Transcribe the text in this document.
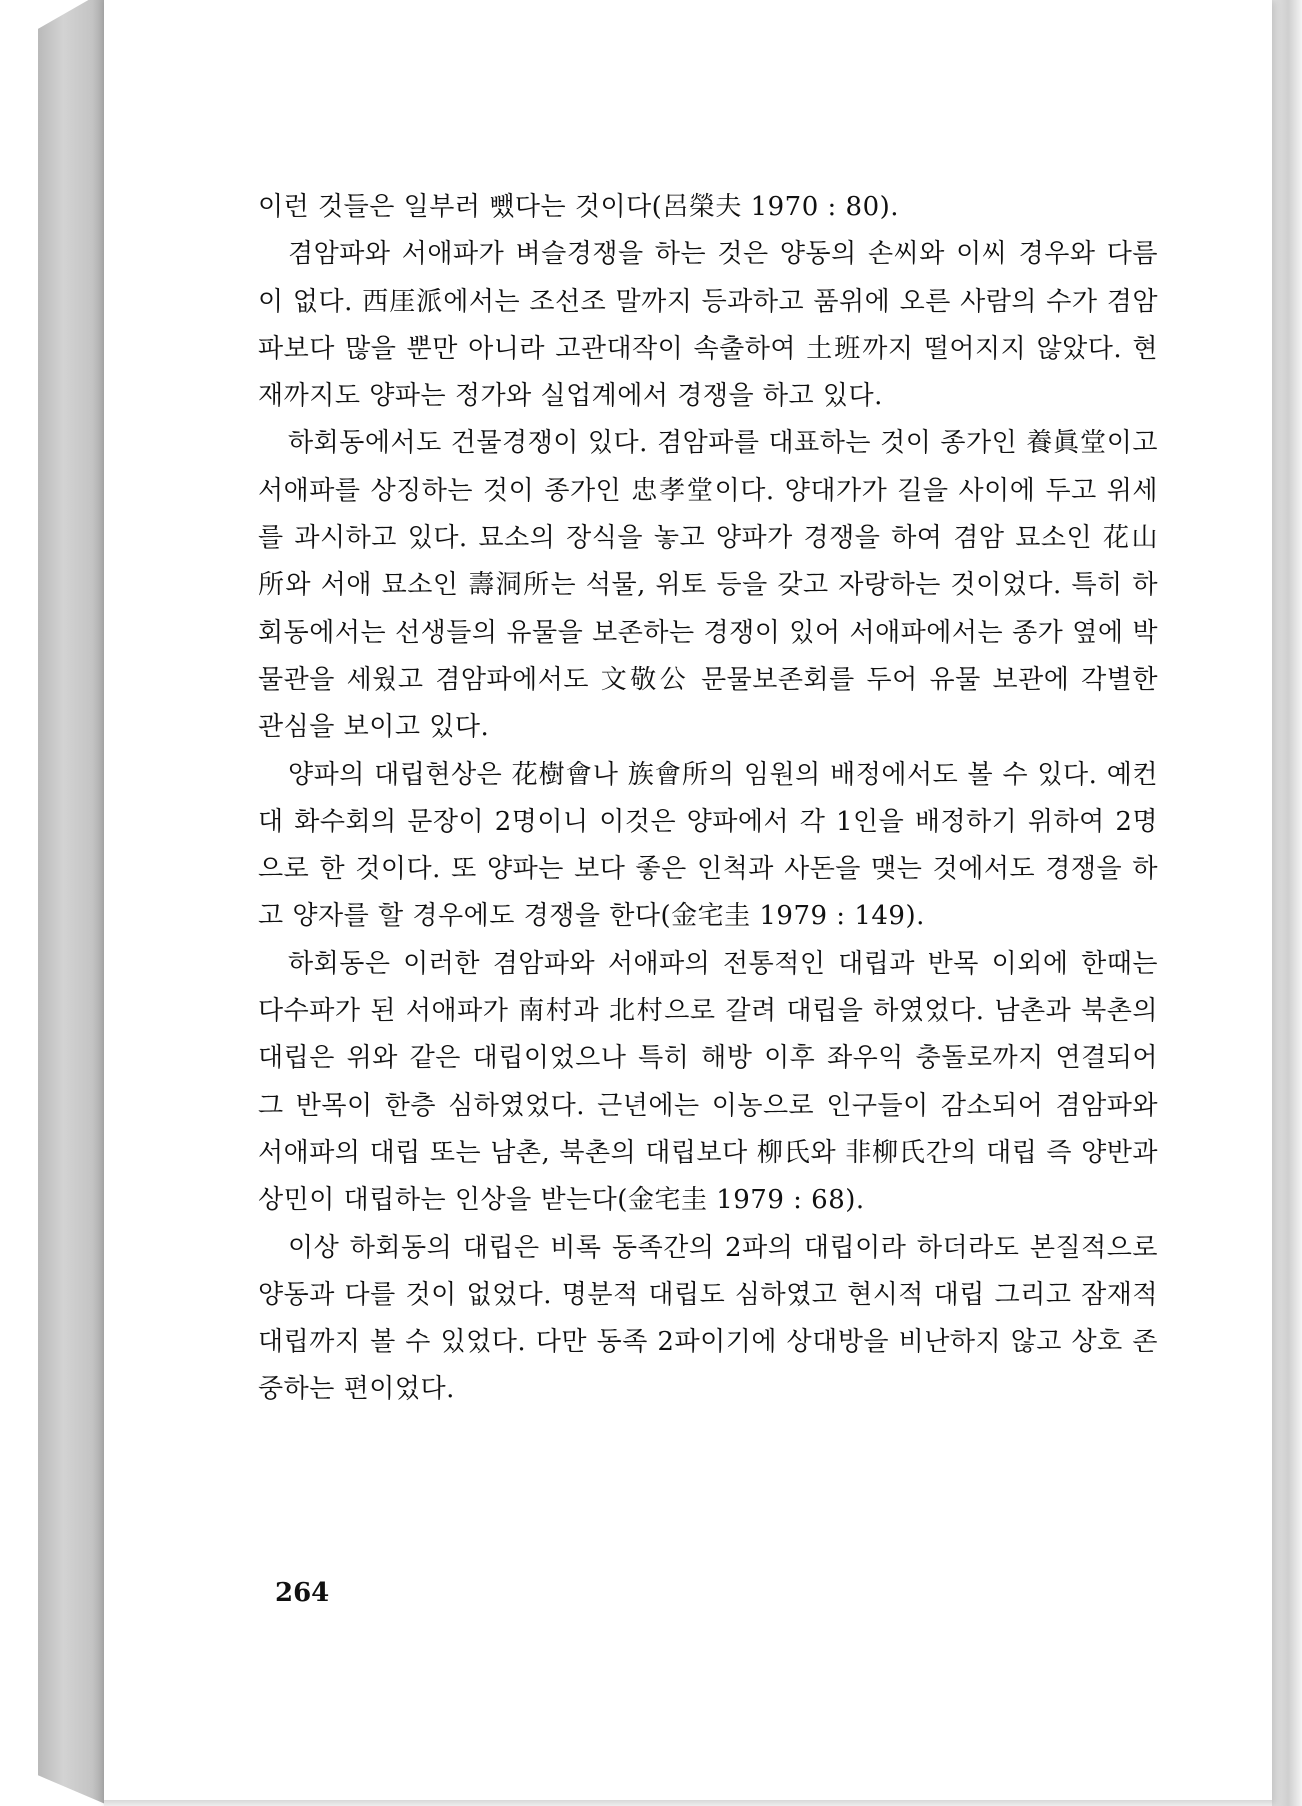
이런 것들은 일부러 뺐다는 것이다(呂榮夫 1970 : 80).

겸암파와 서애파가 벼슬경쟁을 하는 것은 양동의 손씨와 이씨 경우와 다름이 없다. 西厓派에서는 조선조 말까지 등과하고 품위에 오른 사람의 수가 겸암파보다 많을 뿐만 아니라 고관대작이 속출하여 土班까지 떨어지지 않았다. 현재까지도 양파는 정가와 실업계에서 경쟁을 하고 있다.

하회동에서도 건물경쟁이 있다. 겸암파를 대표하는 것이 종가인 養眞堂이고 서애파를 상징하는 것이 종가인 忠孝堂이다. 양대가가 길을 사이에 두고 위세를 과시하고 있다. 묘소의 장식을 놓고 양파가 경쟁을 하여 겸암 묘소인 花山所와 서애 묘소인 壽洞所는 석물, 위토 등을 갖고 자랑하는 것이었다. 특히 하회동에서는 선생들의 유물을 보존하는 경쟁이 있어 서애파에서는 종가 옆에 박물관을 세웠고 겸암파에서도 文敬公 문물보존회를 두어 유물 보관에 각별한 관심을 보이고 있다.

양파의 대립현상은 花樹會나 族會所의 임원의 배정에서도 볼 수 있다. 예컨대 화수회의 문장이 2명이니 이것은 양파에서 각 1인을 배정하기 위하여 2명으로 한 것이다. 또 양파는 보다 좋은 인척과 사돈을 맺는 것에서도 경쟁을 하고 양자를 할 경우에도 경쟁을 한다(金宅圭 1979 : 149).

하회동은 이러한 겸암파와 서애파의 전통적인 대립과 반목 이외에 한때는 다수파가 된 서애파가 南村과 北村으로 갈려 대립을 하였었다. 남촌과 북촌의 대립은 위와 같은 대립이었으나 특히 해방 이후 좌우익 충돌로까지 연결되어 그 반목이 한층 심하였었다. 근년에는 이농으로 인구들이 감소되어 겸암파와 서애파의 대립 또는 남촌, 북촌의 대립보다 柳氏와 非柳氏간의 대립 즉 양반과 상민이 대립하는 인상을 받는다(金宅圭 1979 : 68).

이상 하회동의 대립은 비록 동족간의 2파의 대립이라 하더라도 본질적으로 양동과 다를 것이 없었다. 명분적 대립도 심하였고 현시적 대립 그리고 잠재적 대립까지 볼 수 있었다. 다만 동족 2파이기에 상대방을 비난하지 않고 상호 존중하는 편이었다.

264
